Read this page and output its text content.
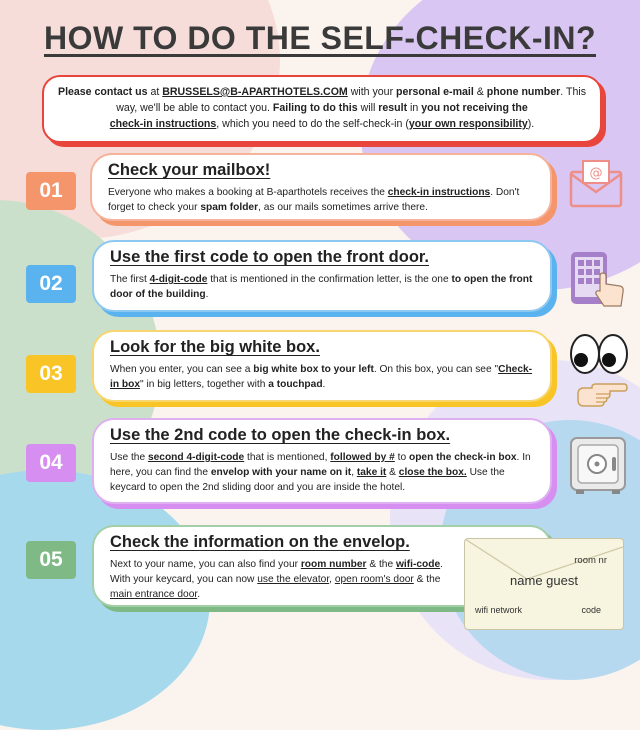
HOW TO DO THE SELF-CHECK-IN?
Please contact us at BRUSSELS@B-APARTHOTELS.COM with your personal e-mail & phone number. This way, we'll be able to contact you. Failing to do this will result in you not receiving the
check-in instructions, which you need to do the self-check-in (your own responsibility).
01
Check your mailbox!
Everyone who makes a booking at B-aparthotels receives the check-in instructions. Don't forget to check your spam folder, as our mails sometimes arrive there.
@
02
Use the first code to open the front door.
The first 4-digit-code that is mentioned in the confirmation letter, is the one to open the front door of the building.
03
Look for the big white box.
When you enter, you can see a big white box to your left. On this box, you can see "Check-in box" in big letters, together with a touchpad.
04
Use the 2nd code to open the check-in box.
Use the second 4-digit-code that is mentioned, followed by # to open the check-in box. In here, you can find the envelop with your name on it, take it & close the box. Use the keycard to open the 2nd sliding door and you are inside the hotel.
05
Check the information on the envelop.
Next to your name, you can also find your room number & the wifi-code. With your keycard, you can now use the elevator, open room's door & the main entrance door.
room nr
name guest
wifi network	code
